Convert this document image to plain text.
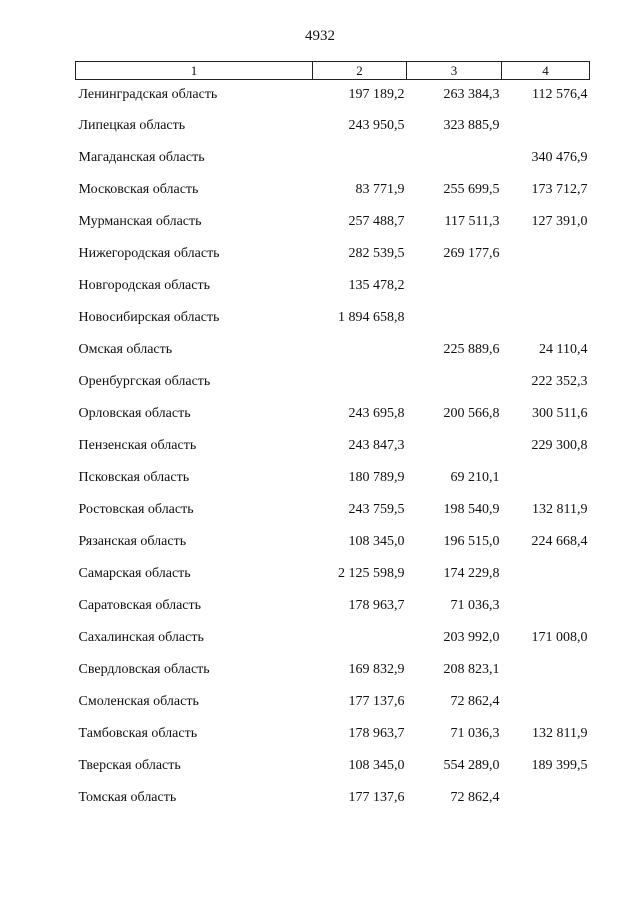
4932
1	2	3	4
Ленинградская область	197 189,2	263 384,3	112 576,4
Липецкая область	243 950,5	323 885,9	
Магаданская область			340 476,9
Московская область	83 771,9	255 699,5	173 712,7
Мурманская область	257 488,7	117 511,3	127 391,0
Нижегородская область	282 539,5	269 177,6	
Новгородская область	135 478,2		
Новосибирская область	1 894 658,8		
Омская область		225 889,6	24 110,4
Оренбургская область			222 352,3
Орловская область	243 695,8	200 566,8	300 511,6
Пензенская область	243 847,3		229 300,8
Псковская область	180 789,9	69 210,1	
Ростовская область	243 759,5	198 540,9	132 811,9
Рязанская область	108 345,0	196 515,0	224 668,4
Самарская область	2 125 598,9	174 229,8	
Саратовская область	178 963,7	71 036,3	
Сахалинская область		203 992,0	171 008,0
Свердловская область	169 832,9	208 823,1	
Смоленская область	177 137,6	72 862,4	
Тамбовская область	178 963,7	71 036,3	132 811,9
Тверская область	108 345,0	554 289,0	189 399,5
Томская область	177 137,6	72 862,4	
